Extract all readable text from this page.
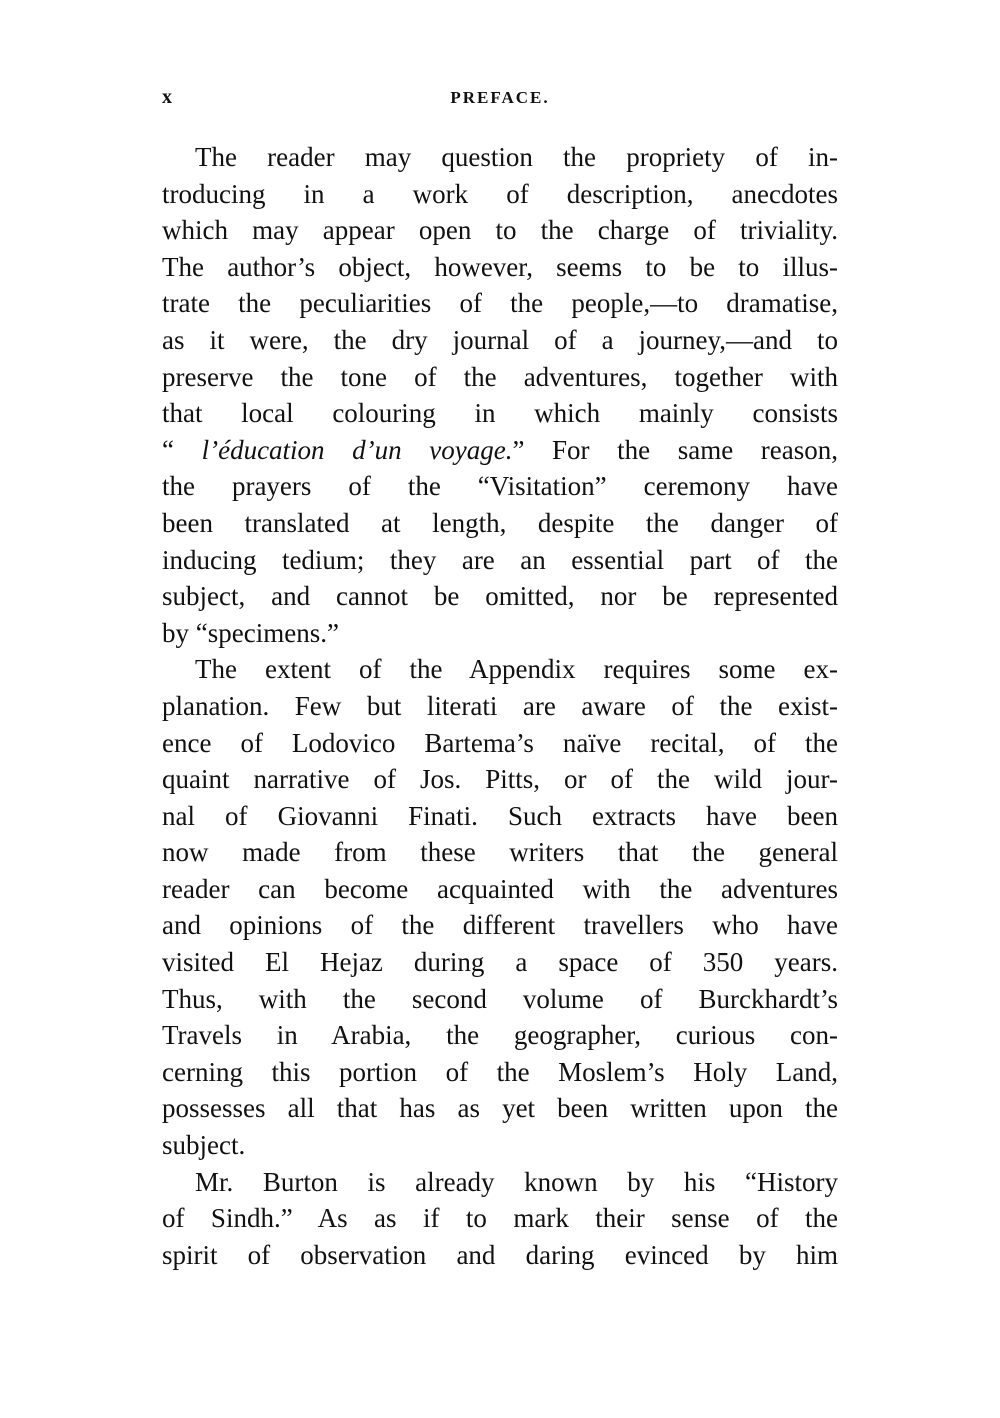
x	PREFACE.
The reader may question the propriety of in-
troducing in a work of description, anecdotes
which may appear open to the charge of triviality.
The author’s object, however, seems to be to illus-
trate the peculiarities of the people,—to dramatise,
as it were, the dry journal of a journey,—and to
preserve the tone of the adventures, together with
that local colouring in which mainly consists
“ l’éducation d’un voyage.” For the same reason,
the prayers of the “Visitation” ceremony have
been translated at length, despite the danger of
inducing tedium; they are an essential part of the
subject, and cannot be omitted, nor be represented
by “specimens.”
The extent of the Appendix requires some ex-
planation. Few but literati are aware of the exist-
ence of Lodovico Bartema’s naïve recital, of the
quaint narrative of Jos. Pitts, or of the wild jour-
nal of Giovanni Finati. Such extracts have been
now made from these writers that the general
reader can become acquainted with the adventures
and opinions of the different travellers who have
visited El Hejaz during a space of 350 years.
Thus, with the second volume of Burckhardt’s
Travels in Arabia, the geographer, curious con-
cerning this portion of the Moslem’s Holy Land,
possesses all that has as yet been written upon the
subject.
Mr. Burton is already known by his “History
of Sindh.” As as if to mark their sense of the
spirit of observation and daring evinced by him
